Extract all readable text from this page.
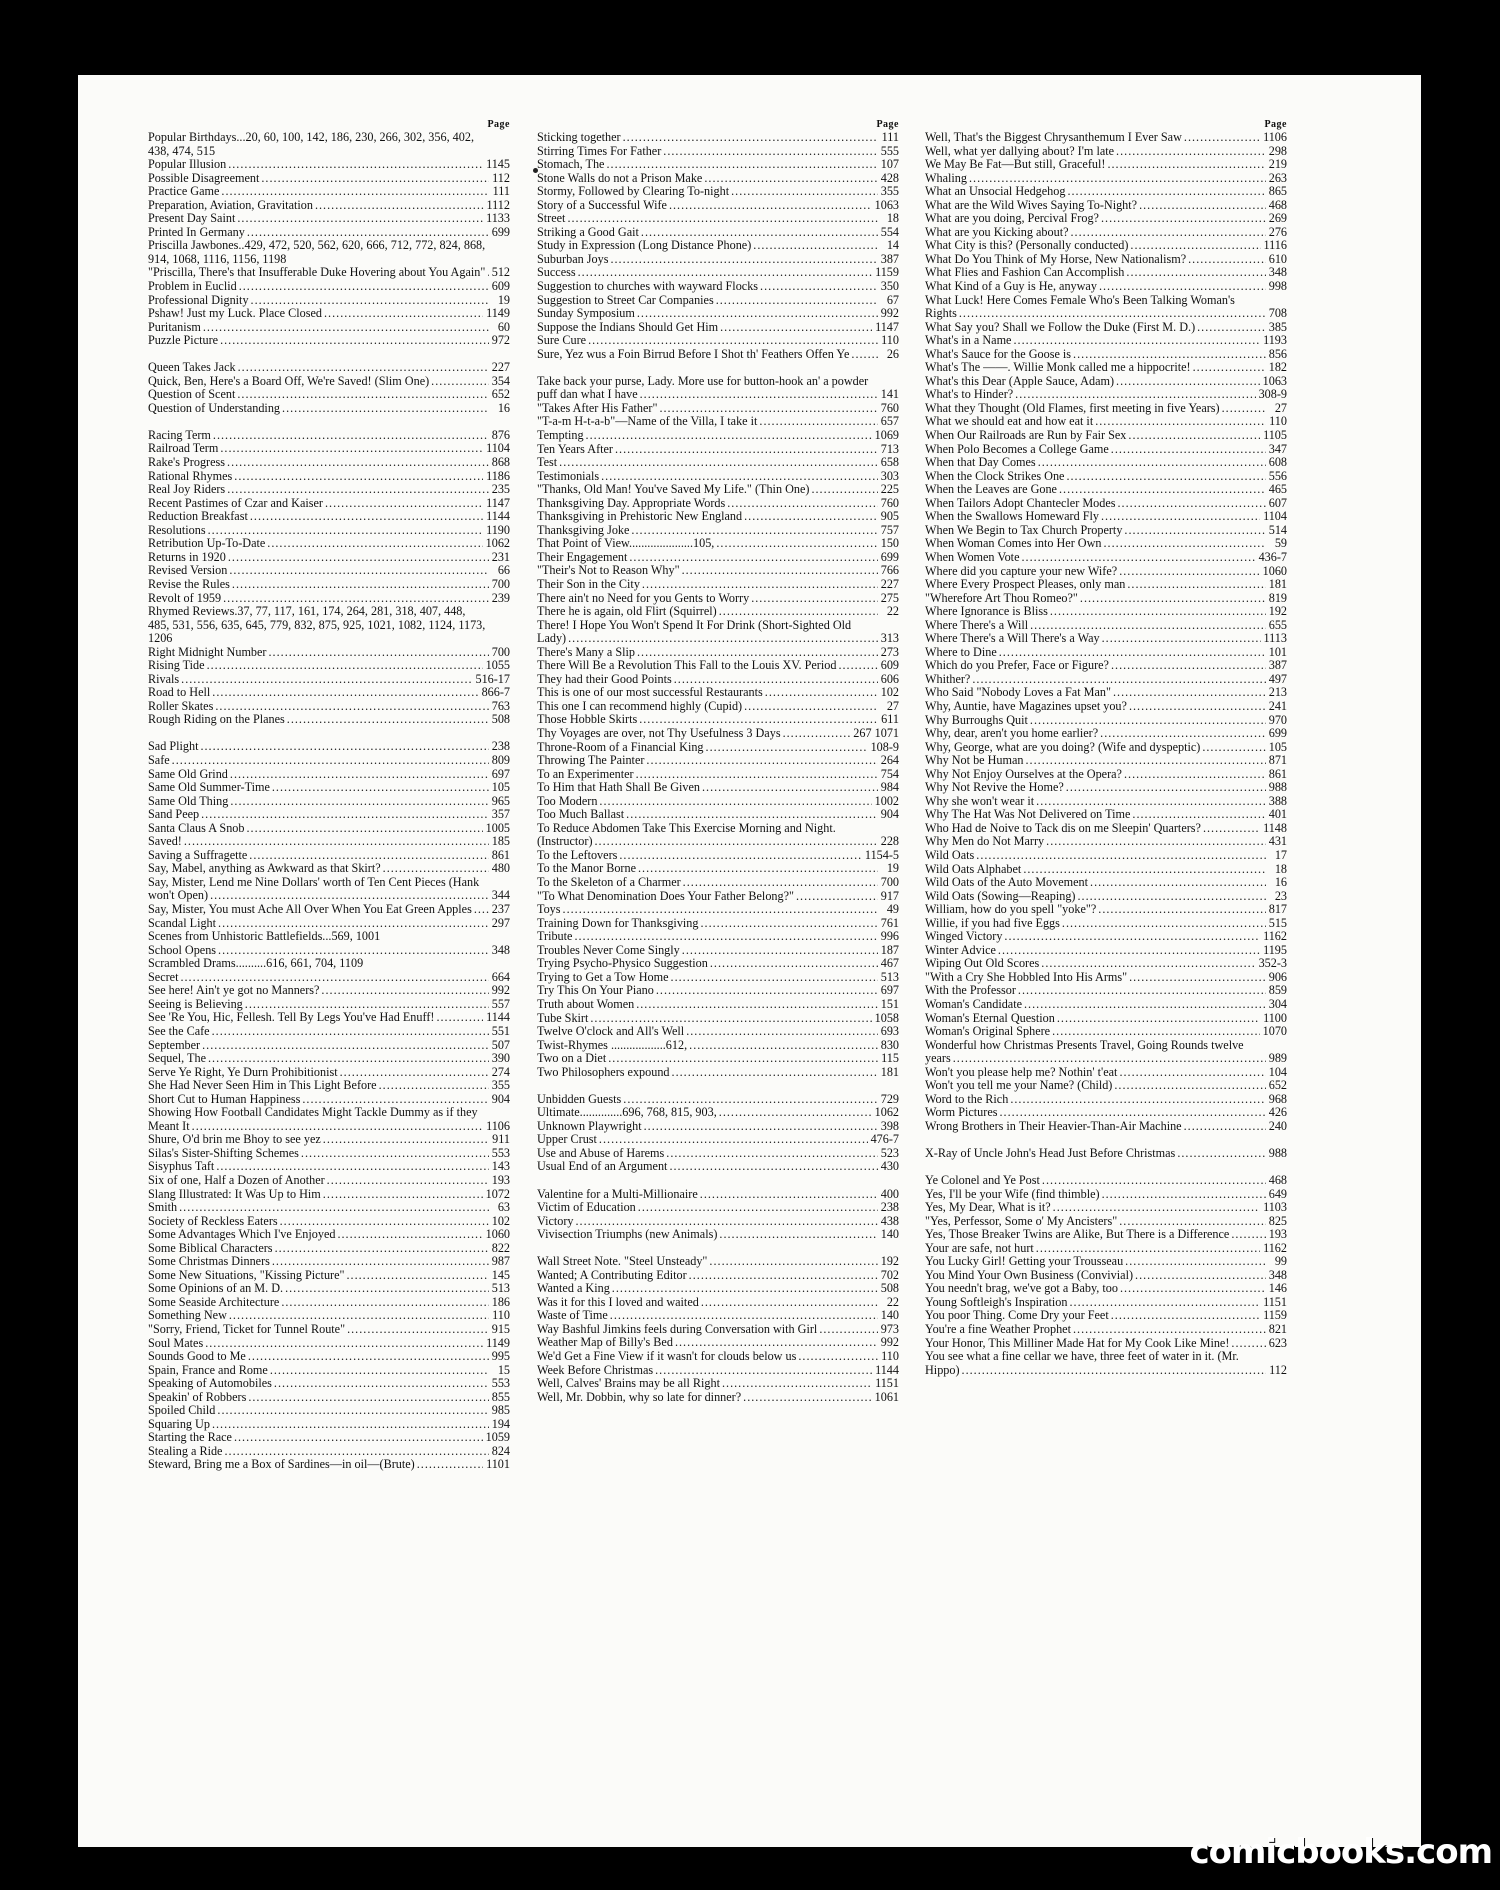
Page
Popular Birthdays...20, 60, 100, 142, 186, 230, 266, 302, 356, 402, 438, 474, 515
Popular Illusion .....	1145
Possible Disagreement .....	112
Practice Game .....	111
Preparation, Aviation, Gravitation .....	1112
Present Day Saint .....	1133
Printed In Germany .....	699
Priscilla Jawbones..429, 472, 520, 562, 620, 666, 712, 772, 824, 868, 914, 1068, 1116, 1156, 1198
"Priscilla, There's that Insufferable Duke Hovering about You Again" ..... 512
Problem in Euclid .....	609
Professional Dignity .....	19
Pshaw! Just my Luck. Place Closed .....	1149
Puritanism .....	60
Puzzle Picture .....	972
Queen Takes Jack .....	227
Quick, Ben, Here's a Board Off, We're Saved! (Slim One) .....	354
Question of Scent .....	652
Question of Understanding .....	16
Racing Term .....	876
Railroad Term .....	1104
Rake's Progress .....	868
Rational Rhymes .....	1186
Real Joy Riders .....	235
Recent Pastimes of Czar and Kaiser .....	1147
Reduction Breakfast .....	1144
Resolutions .....	1190
Retribution Up-To-Date .....	1062
Returns in 1920 .....	231
Revised Version .....	66
Revise the Rules .....	700
Revolt of 1959 .....	239
Rhymed Reviews.37, 77, 117, 161, 174, 264, 281, 318, 407, 448, 485, 531, 556, 635, 645, 779, 832, 875, 925, 1021, 1082, 1124, 1173, 1206
Right Midnight Number .....	700
Rising Tide .....	1055
Rivals .....	516-17
Road to Hell .....	866-7
Roller Skates .....	763
Rough Riding on the Planes .....	508
Sad Plight .....	238
Safe .....	809
Same Old Grind .....	697
Same Old Summer-Time .....	105
Same Old Thing .....	965
Sand Peep .....	357
Santa Claus A Snob .....	1005
Saved! .....	185
Saving a Suffragette .....	861
Say, Mabel, anything as Awkward as that Skirt? .....	480
Say, Mister, Lend me Nine Dollars' worth of Ten Cent Pieces (Hank won't Open) .....	344
Say, Mister, You must Ache All Over When You Eat Green Apples .....	237
Scandal Light .....	297
Scenes from Unhistoric Battlefields...569, 1001
School Opens .....	348
Scrambled Drams..........616, 661, 704, 1109
Secret .....	664
See here! Ain't ye got no Manners? .....	992
Seeing is Believing .....	557
See 'Re You, Hic, Fellesh. Tell By Legs You've Had Enuff! .....	1144
See the Cafe .....	551
September .....	507
Sequel, The .....	390
Serve Ye Right, Ye Durn Prohibitionist .....	274
She Had Never Seen Him in This Light Before .....	355
Short Cut to Human Happiness .....	904
Showing How Football Candidates Might Tackle Dummy as if they Meant It .....	1106
Shure, O'd brin me Bhoy to see yez .....	911
Silas's Sister-Shifting Schemes .....	553
Sisyphus Taft .....	143
Six of one, Half a Dozen of Another .....	193
Slang Illustrated: It Was Up to Him .....	1072
Smith .....	63
Society of Reckless Eaters .....	102
Some Advantages Which I've Enjoyed .....	1060
Some Biblical Characters .....	822
Some Christmas Dinners .....	987
Some New Situations, "Kissing Picture" .....	145
Some Opinions of an M. D. .....	513
Some Seaside Architecture .....	186
Something New .....	110
"Sorry, Friend, Ticket for Tunnel Route" .....	915
Soul Mates .....	1149
Sounds Good to Me .....	995
Spain, France and Rome .....	15
Speaking of Automobiles .....	553
Speakin' of Robbers .....	855
Spoiled Child .....	985
Squaring Up .....	194
Starting the Race .....	1059
Stealing a Ride .....	824
Steward, Bring me a Box of Sardines—in oil—(Brute) .....	1101
Page
Sticking together .....	111
Stirring Times For Father .....	555
Stomach, The .....	107
Stone Walls do not a Prison Make .....	428
Stormy, Followed by Clearing To-night .....	355
Story of a Successful Wife .....	1063
Street .....	18
Striking a Good Gait .....	554
Study in Expression (Long Distance Phone) .....	14
Suburban Joys .....	387
Success .....	1159
Suggestion to churches with wayward Flocks .....	350
Suggestion to Street Car Companies .....	67
Sunday Symposium .....	992
Suppose the Indians Should Get Him .....	1147
Sure Cure .....	110
Sure, Yez wus a Foin Birrud Before I Shot th' Feathers Offen Ye .....	26
Take back your purse, Lady. More use for button-hook an' a powder puff dan what I have .....	141
"Takes After His Father" .....	760
"T-a-m H-t-a-b"—Name of the Villa, I take it .....	657
Tempting .....	1069
Ten Years After .....	713
Test .....	658
Testimonials .....	303
"Thanks, Old Man! You've Saved My Life." (Thin One) .....	225
Thanksgiving Day. Appropriate Words .....	760
Thanksgiving in Prehistoric New England .....	905
Thanksgiving Joke .....	757
That Point of View.....................105, .....	150
Their Engagement .....	699
"Their's Not to Reason Why" .....	766
Their Son in the City .....	227
There ain't no Need for you Gents to Worry .....	275
There he is again, old Flirt (Squirrel) .....	22
There! I Hope You Won't Spend It For Drink (Short-Sighted Old Lady) .....	313
There's Many a Slip .....	273
There Will Be a Revolution This Fall to the Louis XV. Period .....	609
They had their Good Points .....	606
This is one of our most successful Restaurants .....	102
This one I can recommend highly (Cupid) .....	27
Those Hobble Skirts .....	611
Thy Voyages are over, not Thy Usefulness 3 Days .....	267 1071
Throne-Room of a Financial King .....	108-9
Throwing The Painter .....	264
To an Experimenter .....	754
To Him that Hath Shall Be Given .....	984
Too Modern .....	1002
Too Much Ballast .....	904
To Reduce Abdomen Take This Exercise Morning and Night. (Instructor) .....	228
To the Leftovers .....	1154-5
To the Manor Borne .....	19
To the Skeleton of a Charmer .....	700
"To What Denomination Does Your Father Belong?" .....	917
Toys .....	49
Training Down for Thanksgiving .....	761
Tribute .....	996
Troubles Never Come Singly .....	187
Trying Psycho-Physico Suggestion .....	467
Trying to Get a Tow Home .....	513
Try This On Your Piano .....	697
Truth about Women .....	151
Tube Skirt .....	1058
Twelve O'clock and All's Well .....	693
Twist-Rhymes ..................612, .....	830
Two on a Diet .....	115
Two Philosophers expound .....	181
Unbidden Guests .....	729
Ultimate..............696, 768, 815, 903, .....	1062
Unknown Playwright .....	398
Upper Crust .....	476-7
Use and Abuse of Harems .....	523
Usual End of an Argument .....	430
Valentine for a Multi-Millionaire .....	400
Victim of Education .....	238
Victory .....	438
Vivisection Triumphs (new Animals) .....	140
Wall Street Note. "Steel Unsteady" .....	192
Wanted; A Contributing Editor .....	702
Wanted a King .....	508
Was it for this I loved and waited .....	22
Waste of Time .....	140
Way Bashful Jimkins feels during Conversation with Girl .....	973
Weather Map of Billy's Bed .....	992
We'd Get a Fine View if it wasn't for clouds below us .....	110
Week Before Christmas .....	1144
Well, Calves' Brains may be all Right .....	1151
Well, Mr. Dobbin, why so late for dinner? .....	1061
Page
Well, That's the Biggest Chrysanthemum I Ever Saw .....	1106
Well, what yer dallying about? I'm late .....	298
We May Be Fat—But still, Graceful! .....	219
Whaling .....	263
What an Unsocial Hedgehog .....	865
What are the Wild Wives Saying To-Night? .....	468
What are you doing, Percival Frog? .....	269
What are you Kicking about? .....	276
What City is this? (Personally conducted) .....	1116
What Do You Think of My Horse, New Nationalism? .....	610
What Flies and Fashion Can Accomplish .....	348
What Kind of a Guy is He, anyway .....	998
What Luck! Here Comes Female Who's Been Talking Woman's Rights .....	708
What Say you? Shall we Follow the Duke (First M. D.) .....	385
What's in a Name .....	1193
What's Sauce for the Goose is .....	856
What's The ——. Willie Monk called me a hippocrite! .....	182
What's this Dear (Apple Sauce, Adam) .....	1063
What's to Hinder? .....	308-9
What they Thought (Old Flames, first meeting in five Years) .....	27
What we should eat and how eat it .....	110
When Our Railroads are Run by Fair Sex .....	1105
When Polo Becomes a College Game .....	347
When that Day Comes .....	608
When the Clock Strikes One .....	556
When the Leaves are Gone .....	465
When Tailors Adopt Chantecler Modes .....	607
When the Swallows Homeward Fly .....	1104
When We Begin to Tax Church Property .....	514
When Woman Comes into Her Own .....	59
When Women Vote .....	436-7
Where did you capture your new Wife? .....	1060
Where Every Prospect Pleases, only man .....	181
"Wherefore Art Thou Romeo?" .....	819
Where Ignorance is Bliss .....	192
Where There's a Will .....	655
Where There's a Will There's a Way .....	1113
Where to Dine .....	101
Which do you Prefer, Face or Figure? .....	387
Whither? .....	497
Who Said "Nobody Loves a Fat Man" .....	213
Why, Auntie, have Magazines upset you? .....	241
Why Burroughs Quit .....	970
Why, dear, aren't you home earlier? .....	699
Why, George, what are you doing? (Wife and dyspeptic) .....	105
Why Not be Human .....	871
Why Not Enjoy Ourselves at the Opera? .....	861
Why Not Revive the Home? .....	988
Why she won't wear it .....	388
Why The Hat Was Not Delivered on Time .....	401
Who Had de Noive to Tack dis on me Sleepin' Quarters? .....	1148
Why Men do Not Marry .....	431
Wild Oats .....	17
Wild Oats Alphabet .....	18
Wild Oats of the Auto Movement .....	16
Wild Oats (Sowing—Reaping) .....	23
William, how do you spell "yoke"? .....	817
Willie, if you had five Eggs .....	515
Winged Victory .....	1162
Winter Advice .....	1195
Wiping Out Old Scores .....	352-3
"With a Cry She Hobbled Into His Arms" .....	906
With the Professor .....	859
Woman's Candidate .....	304
Woman's Eternal Question .....	1100
Woman's Original Sphere .....	1070
Wonderful how Christmas Presents Travel, Going Rounds twelve years .....	989
Won't you please help me? Nothin' t'eat .....	104
Won't you tell me your Name? (Child) .....	652
Word to the Rich .....	968
Worm Pictures .....	426
Wrong Brothers in Their Heavier-Than-Air Machine .....	240
X-Ray of Uncle John's Head Just Before Christmas .....	988
Ye Colonel and Ye Post .....	468
Yes, I'll be your Wife (find thimble) .....	649
Yes, My Dear, What is it? .....	1103
"Yes, Perfessor, Some o' My Ancisters" .....	825
Yes, Those Breaker Twins are Alike, But There is a Difference .....	193
Your are safe, not hurt .....	1162
You Lucky Girl! Getting your Trousseau .....	99
You Mind Your Own Business (Convivial) .....	348
You needn't brag, we've got a Baby, too .....	146
Young Softleigh's Inspiration .....	1151
You poor Thing. Come Dry your Feet .....	1159
You're a fine Weather Prophet .....	821
Your Honor, This Milliner Made Hat for My Cook Like Mine! .....	623
You see what a fine cellar we have, three feet of water in it. (Mr. Hippo) .....	112
comicbooks.com
